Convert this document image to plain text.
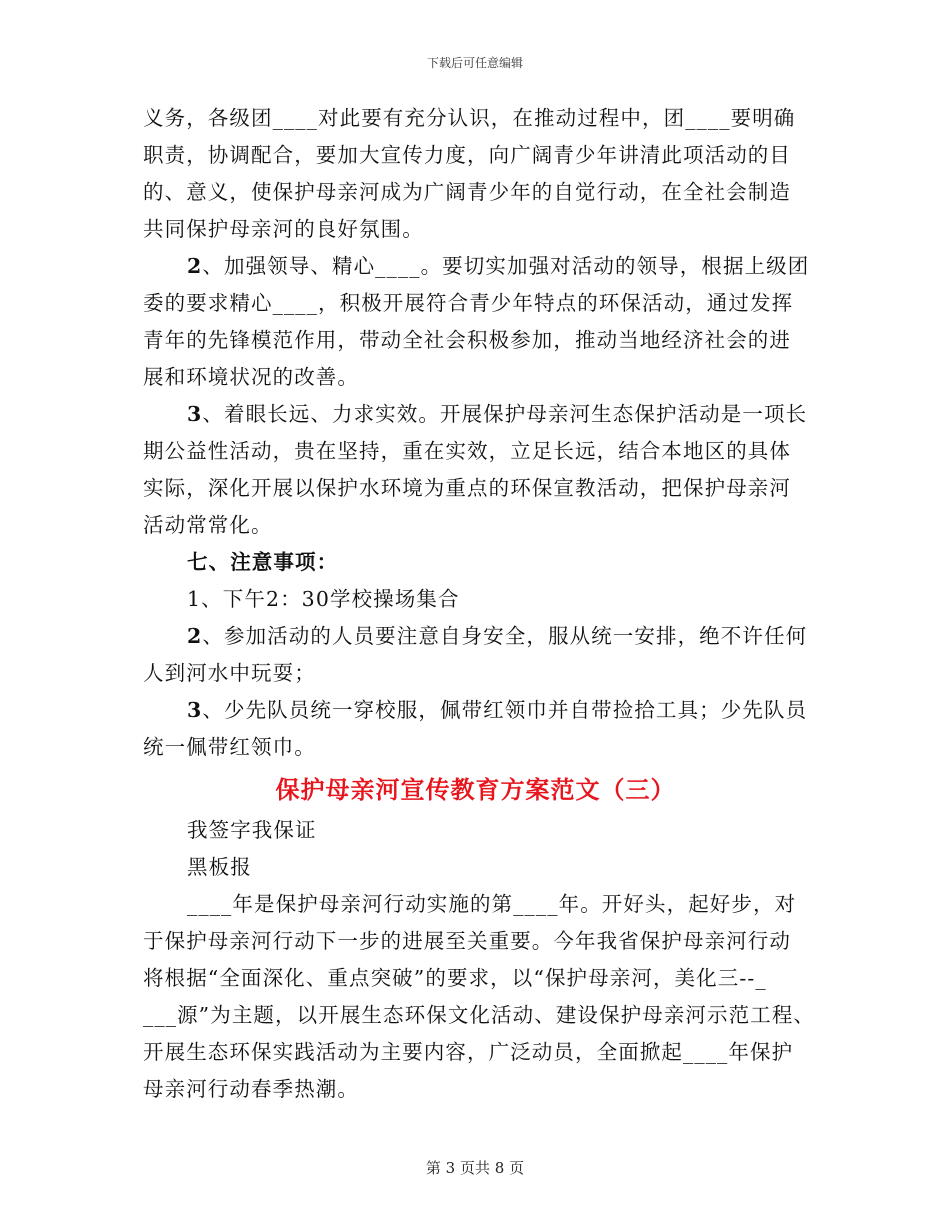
下载后可任意编辑
义务，各级团____对此要有充分认识，在推动过程中，团____要明确
职责，协调配合，要加大宣传力度，向广阔青少年讲清此项活动的目
的、意义，使保护母亲河成为广阔青少年的自觉行动，在全社会制造
共同保护母亲河的良好氛围。
2、加强领导、精心____。要切实加强对活动的领导，根据上级团
委的要求精心____，积极开展符合青少年特点的环保活动，通过发挥
青年的先锋模范作用，带动全社会积极参加，推动当地经济社会的进
展和环境状况的改善。
3、着眼长远、力求实效。开展保护母亲河生态保护活动是一项长
期公益性活动，贵在坚持，重在实效，立足长远，结合本地区的具体
实际，深化开展以保护水环境为重点的环保宣教活动，把保护母亲河
活动常常化。
七、注意事项：
1、下午2：30学校操场集合
2、参加活动的人员要注意自身安全，服从统一安排，绝不许任何
人到河水中玩耍；
3、少先队员统一穿校服，佩带红领巾并自带捡拾工具；少先队员
统一佩带红领巾。
保护母亲河宣传教育方案范文（三）
我签字我保证
黑板报
____年是保护母亲河行动实施的第____年。开好头，起好步，对
于保护母亲河行动下一步的进展至关重要。今年我省保护母亲河行动
将根据“全面深化、重点突破”的要求，以“保护母亲河，美化三--_
___源”为主题，以开展生态环保文化活动、建设保护母亲河示范工程、
开展生态环保实践活动为主要内容，广泛动员，全面掀起____年保护
母亲河行动春季热潮。
第 3 页共 8 页
